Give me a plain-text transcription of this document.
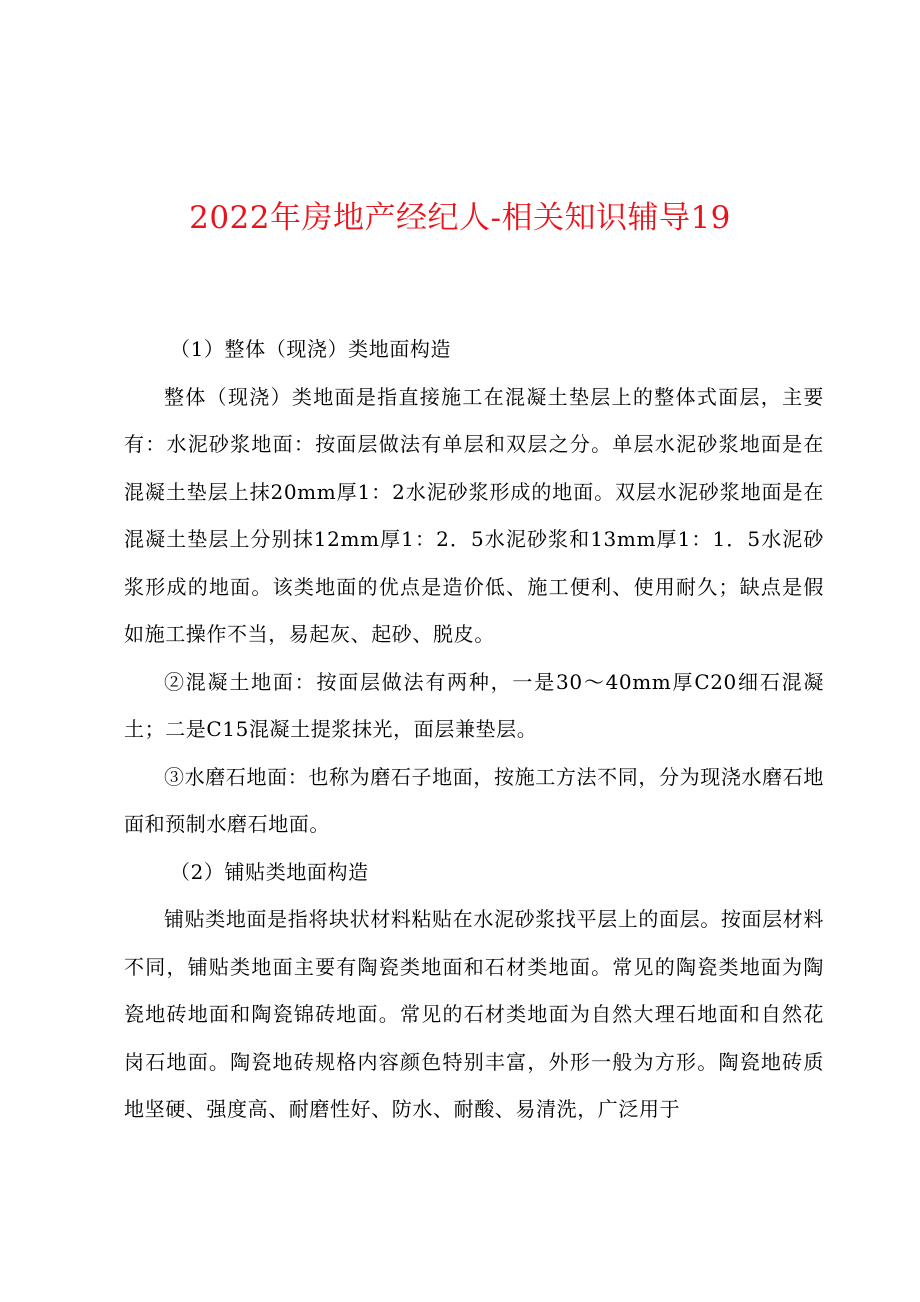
2022年房地产经纪人-相关知识辅导19

（1）整体（现浇）类地面构造

整体（现浇）类地面是指直接施工在混凝土垫层上的整体式面层，主要有：水泥砂浆地面：按面层做法有单层和双层之分。单层水泥砂浆地面是在混凝土垫层上抹20mm厚1：2水泥砂浆形成的地面。双层水泥砂浆地面是在混凝土垫层上分别抹12mm厚1：2．5水泥砂浆和13mm厚1：1．5水泥砂浆形成的地面。该类地面的优点是造价低、施工便利、使用耐久；缺点是假如施工操作不当，易起灰、起砂、脱皮。

②混凝土地面：按面层做法有两种，一是30～40mm厚C20细石混凝土；二是C15混凝土提浆抹光，面层兼垫层。

③水磨石地面：也称为磨石子地面，按施工方法不同，分为现浇水磨石地面和预制水磨石地面。

（2）铺贴类地面构造

铺贴类地面是指将块状材料粘贴在水泥砂浆找平层上的面层。按面层材料不同，铺贴类地面主要有陶瓷类地面和石材类地面。常见的陶瓷类地面为陶瓷地砖地面和陶瓷锦砖地面。常见的石材类地面为自然大理石地面和自然花岗石地面。陶瓷地砖规格内容颜色特别丰富，外形一般为方形。陶瓷地砖质地坚硬、强度高、耐磨性好、防水、耐酸、易清洗，广泛用于
